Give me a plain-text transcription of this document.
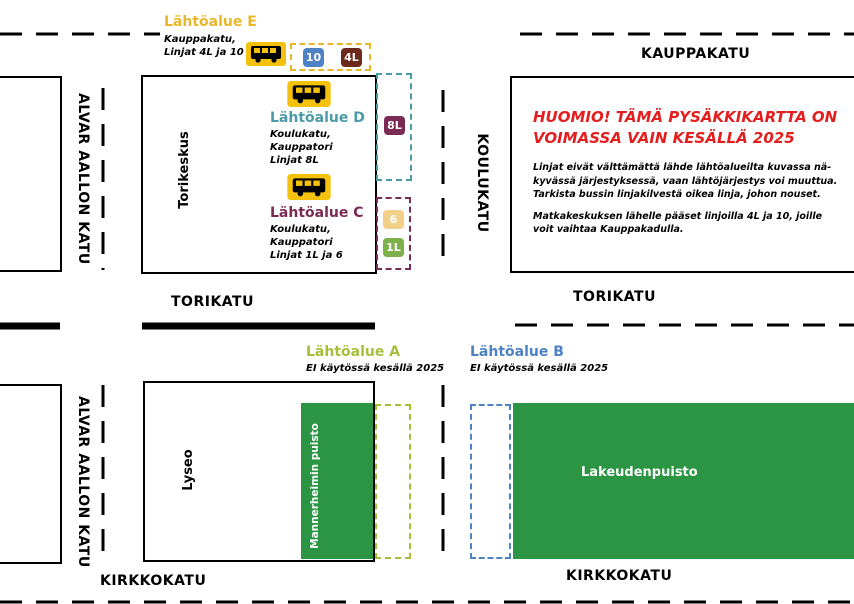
10 4L
8L
6
1L
Lähtöalue E
Kauppakatu,
Linjat 4L ja 10
Lähtöalue D
Koulukatu,
Kauppatori
Linjat 8L
Lähtöalue C
Koulukatu,
Kauppatori
Linjat 1L ja 6
Lähtöalue A
EI käytössä kesällä 2025
Lähtöalue B
EI käytössä kesällä 2025
KAUPPAKATU
TORIKATU	TORIKATU
KIRKKOKATU	KIRKKOKATU
ALVAR AALLON KATU
ALVAR AALLON KATU
KOULUKATU
Torikeskus
Lyseo	Mannerheimin puisto	Lakeudenpuisto
HUOMIO! TÄMÄ PYSÄKKIKARTTA ON
VOIMASSA VAIN KESÄLLÄ 2025
Linjat eivät välttämättä lähde lähtöalueilta kuvassa nä-
kyvässä järjestyksessä, vaan lähtöjärjestys voi muuttua.
Tarkista bussin linjakilvestä oikea linja, johon nouset.
Matkakeskuksen lähelle pääset linjoilla 4L ja 10, joille
voit vaihtaa Kauppakadulla.
